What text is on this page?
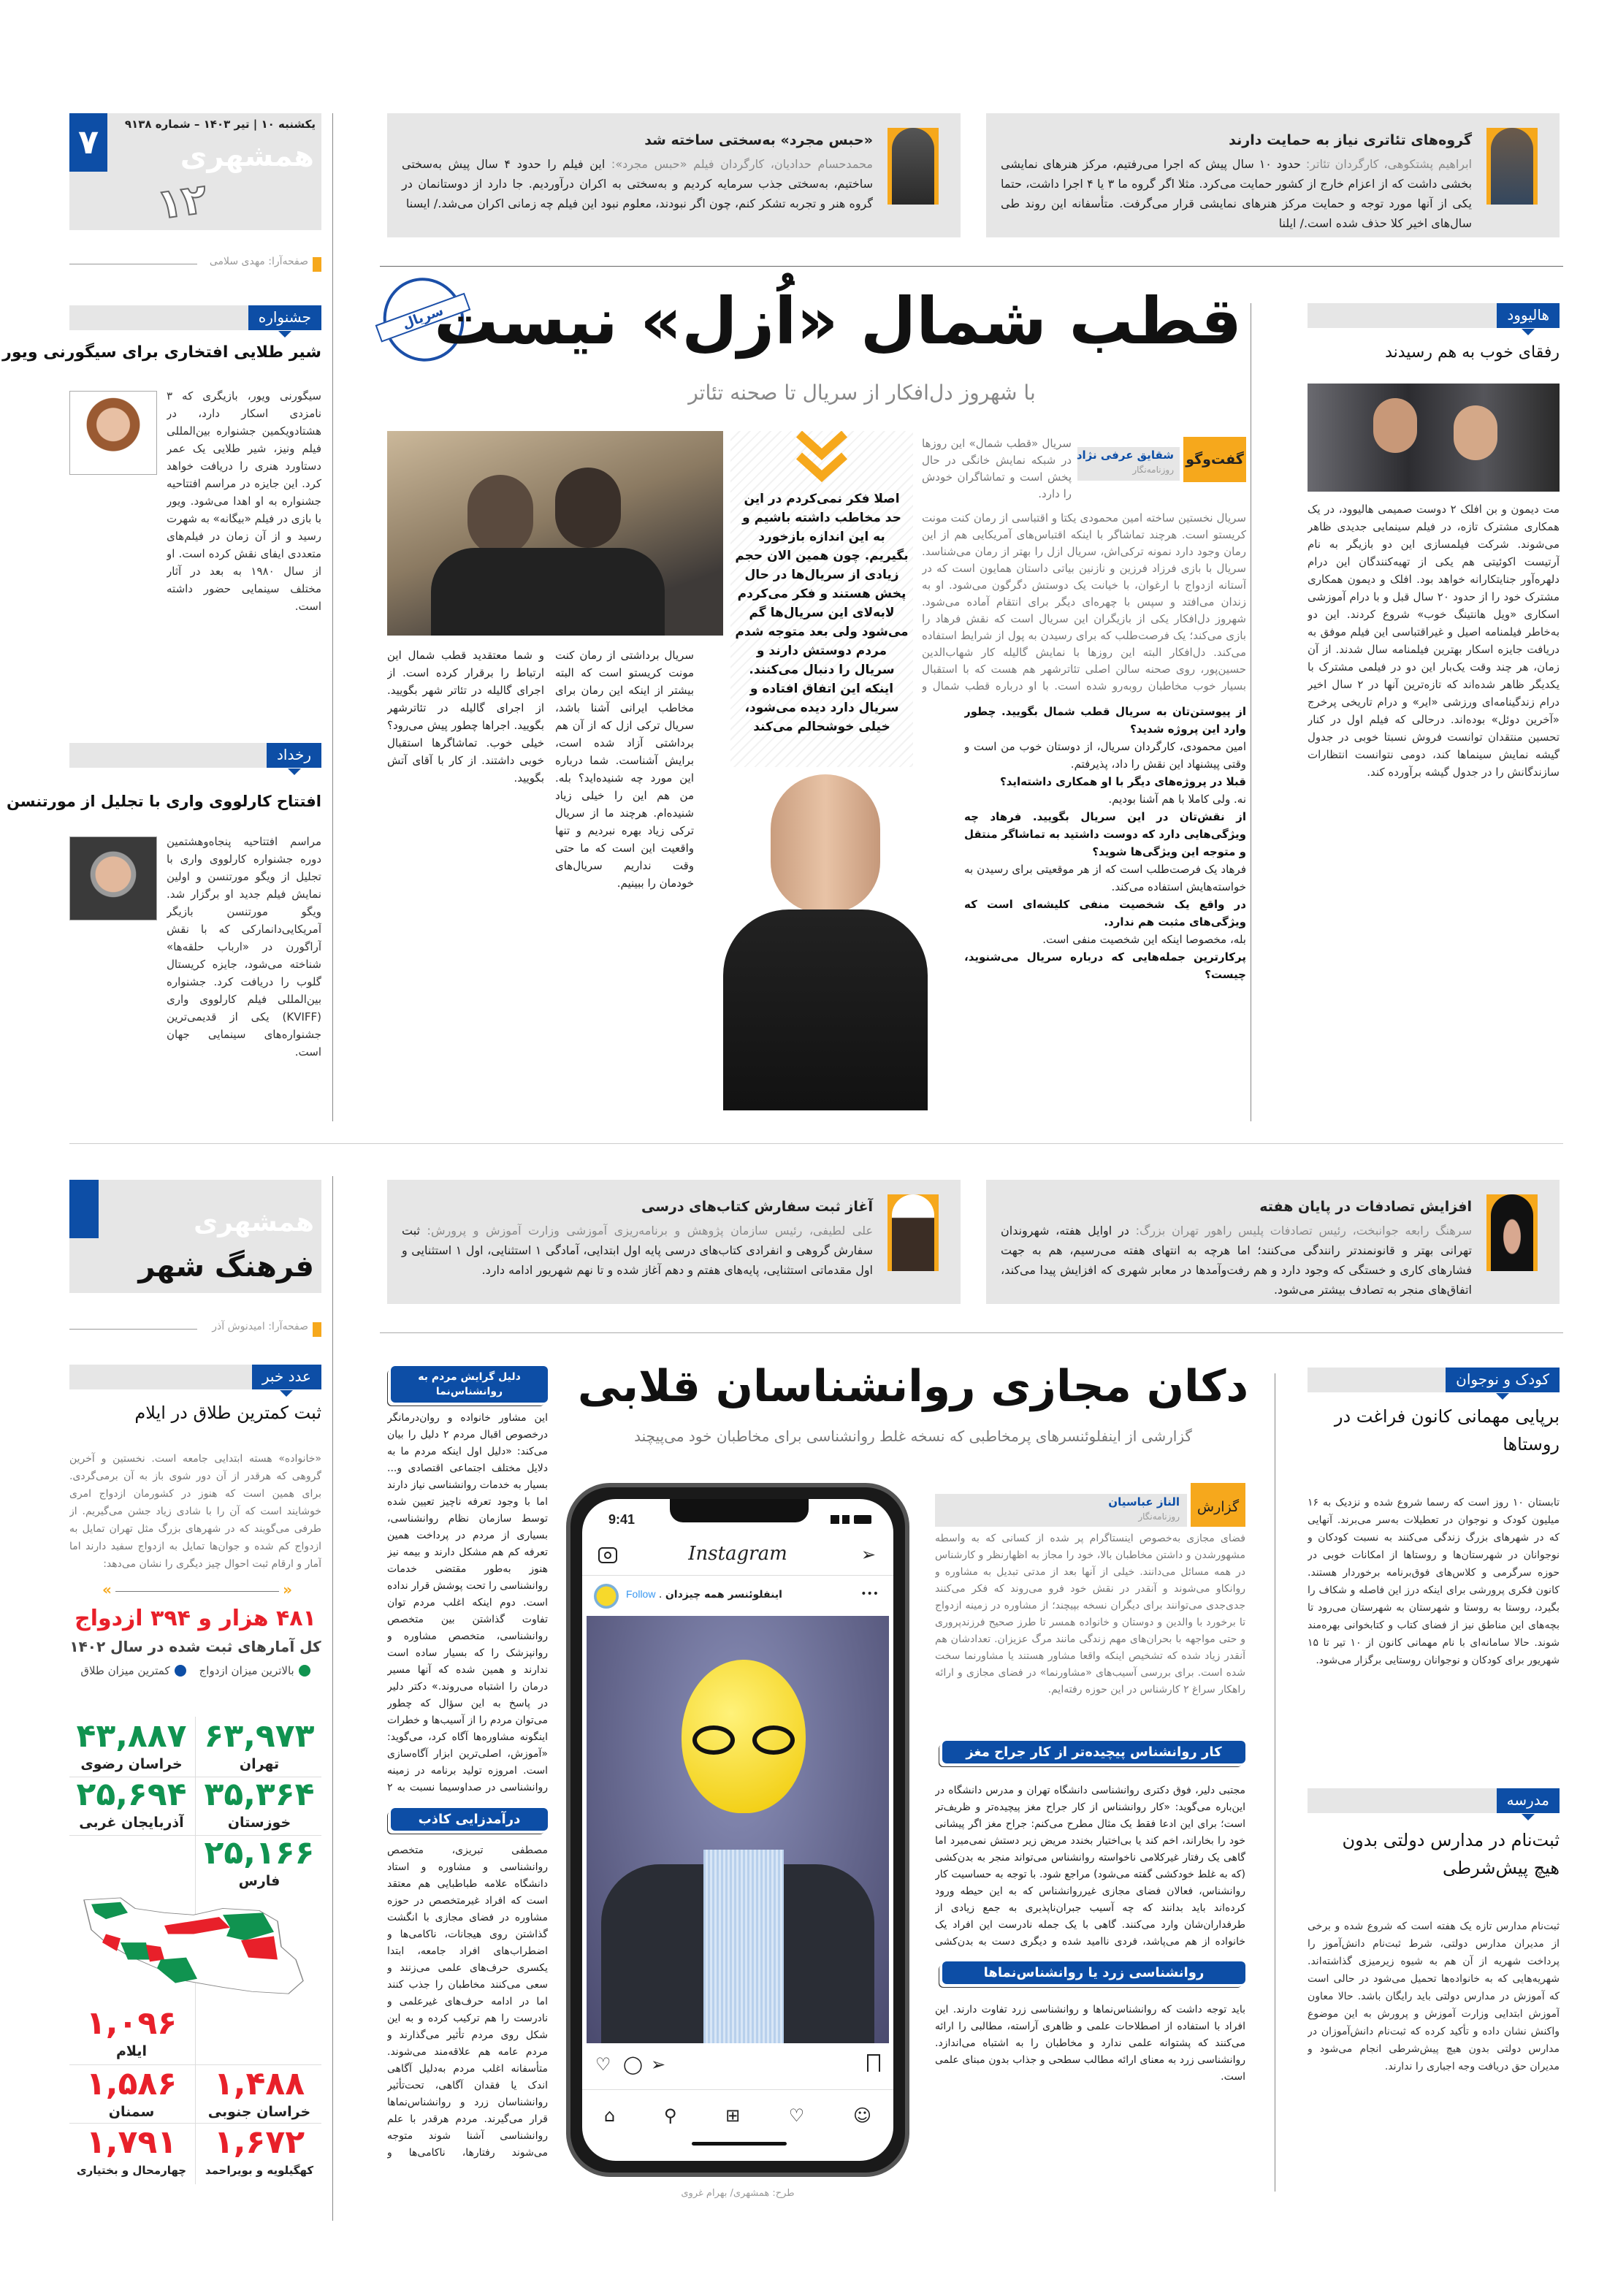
۷	یکشنبه ۱۰ | تیر ۱۴۰۳ – شماره ۹۱۳۸
همشهری
۱۲
صفحه‌آرا: مهدی سلامی
«حبس مجرد» به‌سختی ساخته شد
محمدحسام حدادیان، کارگردان فیلم «حبس مجرد»: این فیلم را حدود ۴ سال پیش به‌سختی ساختیم، به‌سختی جذب سرمایه کردیم و به‌سختی به اکران درآوردیم. جا دارد از دوستانمان در گروه هنر و تجربه تشکر کنم، چون اگر نبودند، معلوم نبود این فیلم چه زمانی اکران می‌شد./ ایسنا
گروه‌های تئاتری نیاز به حمایت دارند
ابراهیم پشتکوهی، کارگردان تئاتر: حدود ۱۰ سال پیش که اجرا می‌رفتیم، مرکز هنرهای نمایشی بخشی داشت که از اعزام خارج از کشور حمایت می‌کرد. مثلا اگر گروه ما ۳ یا ۴ اجرا داشت، حتما یکی از آنها مورد توجه و حمایت مرکز هنرهای نمایشی قرار می‌گرفت. متأسفانه این روند طی سال‌های اخیر کلا حذف شده است./ ایلنا
سریال
قطب شمال «اُزل» نیست
با شهروز دل‌افکار از سریال تا صحنه تئاتر
اصلا فکر نمی‌کردم در این حد مخاطب داشته باشیم و به این اندازه بازخورد بگیریم. چون همین الان حجم زیادی از سریال‌ها در حال پخش هستند و فکر می‌کردم لابه‌لای این سریال‌ها گم می‌شود ولی بعد متوجه شدم مردم دوستش دارند و سریال را دنبال می‌کنند. اینکه این اتفاق افتاده و سریال دارد دیده می‌شود، خیلی خوشحالم می‌کند
گفت‌وگو
شقایق عرفی نژاد
روزنامه‌نگار
سریال «قطب شمال» این روزها در شبکه نمایش خانگی در حال پخش است و تماشاگران خودش را دارد.
سریال نخستین ساخته امین محمودی یکتا و اقتباسی از رمان کنت مونت کریستو است. هرچند تماشاگر با اینکه اقتباس‌های آمریکایی هم از این رمان وجود دارد نمونه ترکی‌اش، سریال ازل را بهتر از رمان می‌شناسد. سریال با بازی فرزاد فرزین و نازنین بیاتی داستان همایون است که در آستانه ازدواج با ارغوان، با خیانت یک دوستش دگرگون می‌شود. او به زندان می‌افتد و سپس با چهره‌ای دیگر برای انتقام آماده می‌شود. شهروز دل‌افکار یکی از بازیگران این سریال است که نقش فرهاد را بازی می‌کند؛ یک فرصت‌طلب که برای رسیدن به پول از شرایط استفاده می‌کند. دل‌افکار البته این روزها با نمایش گالیله کار شهاب‌الدین حسین‌پور، روی صحنه سالن اصلی تئاترشهر هم هست که با استقبال بسیار خوب مخاطبان روبه‌رو شده است. با او درباره قطب شمال و

از پیوستن‌تان به سریال قطب شمال بگویید. چطور وارد این پروژه شدید؟
امین محمودی، کارگردان سریال، از دوستان خوب من است و وقتی پیشنهاد این نقش را داد، پذیرفتم.

قبلا در پروژه‌های دیگر با او همکاری داشته‌اید؟
نه. ولی کاملا با هم آشنا بودیم.

از نقش‌تان در این سریال بگویید. فرهاد چه ویژگی‌هایی دارد که دوست داشتید به تماشاگر منتقل و متوجه این ویژگی‌ها شوید؟
فرهاد یک فرصت‌طلب است که از هر موقعیتی برای رسیدن به خواسته‌هایش استفاده می‌کند.

در واقع یک شخصیت منفی کلیشه‌ای است که ویژگی‌های مثبت هم ندارد.
بله، مخصوصا اینکه این شخصیت منفی است.

پرکارترین جمله‌هایی که درباره سریال می‌شنوید، چیست؟

سریال برداشتی از رمان کنت مونت کریستو است که البته بیشتر از اینکه این رمان برای مخاطب ایرانی آشنا باشد، سریال ترکی ازل که از آن هم برداشتی آزاد شده است، برایش آشناست. شما درباره این مورد چه شنیده‌اید؟ بله. من هم این را خیلی زیاد شنیده‌ام. هرچند ما از سریال ترکی زیاد بهره نبردیم و تنها واقعیت این است که ما حتی وقت نداریم سریال‌های خودمان را ببینیم.
و شما معتقدید قطب شمال این ارتباط را برقرار کرده است. از اجرای گالیله در تئاتر شهر بگویید. از اجرای گالیله در تئاترشهر بگویید. اجراها چطور پیش می‌رود؟ خیلی خوب. تماشاگرها استقبال خوبی داشتند. از کار با آقای آتش بگویید.
جشنواره
شیر طلایی افتخاری برای سیگورنی ویور
سیگورنی ویور، بازیگری که ۳ نامزدی اسکار دارد، در هشتادویکمین جشنواره بین‌المللی فیلم ونیز، شیر طلایی یک عمر دستاورد هنری را دریافت خواهد کرد. این جایزه در مراسم افتتاحیه جشنواره به او اهدا می‌شود. ویور با بازی در فیلم «بیگانه» به شهرت رسید و از آن زمان در فیلم‌های متعددی ایفای نقش کرده است. او از سال ۱۹۸۰ به بعد در آثار مختلف سینمایی حضور داشته است.
رخداد
افتتاح کارلووی واری با تجلیل از مورتنسن
مراسم افتتاحیه پنجاه‌وهشتمین دوره جشنواره کارلووی واری با تجلیل از ویگو مورتنسن و اولین نمایش فیلم جدید او برگزار شد. ویگو مورتنسن بازیگر آمریکایی‌دانمارکی که با نقش آراگورن در «ارباب حلقه‌ها» شناخته می‌شود، جایزه کریستال گلوب را دریافت کرد. جشنواره بین‌المللی فیلم کارلووی واری (KVIFF) یکی از قدیمی‌ترین جشنواره‌های سینمایی جهان است.
هالیوود
رفقای خوب به هم رسیدند
مت دیمون و بن افلک ۲ دوست صمیمی هالیوود، در یک همکاری مشترک تازه، در فیلم سینمایی جدیدی ظاهر می‌شوند. شرکت فیلمسازی این دو بازیگر به نام آرتیست اکوئیتی هم یکی از تهیه‌کنندگان این درام دلهره‌آور جنایتکارانه خواهد بود. افلک و دیمون همکاری مشترک خود را از حدود ۲۰ سال قبل و با درام آموزشی اسکاری «ویل هانتینگ خوب» شروع کردند. این دو به‌خاطر فیلمنامه اصیل و غیراقتباسی این فیلم موفق به دریافت جایزه اسکار بهترین فیلمنامه سال شدند. از آن زمان، هر چند وقت یک‌بار این دو در فیلمی مشترک با یکدیگر ظاهر شده‌اند که تازه‌ترین آنها در ۲ سال اخیر درام زندگینامه‌ای ورزشی «ایر» و درام تاریخی پرخرج «آخرین دوئل» بوده‌اند. درحالی که فیلم اول در کنار تحسین منتقدان توانست فروش نسبتا خوبی در جدول گیشه نمایش سینماها کند، دومی نتوانست انتظارات سازندگانش را در جدول گیشه برآورده کند.
همشهری
فرهنگ شهر
صفحه‌آرا: امیدنوش آذر
آغاز ثبت سفارش کتاب‌های درسی
علی لطیفی، رئیس سازمان پژوهش و برنامه‌ریزی آموزشی وزارت آموزش و پرورش: ثبت سفارش گروهی و انفرادی کتاب‌های درسی پایه اول ابتدایی، آمادگی ۱ استثنایی، اول ۱ استثنایی و اول مقدماتی استثنایی، پایه‌های هفتم و دهم آغاز شده و تا نهم شهریور ادامه دارد.
افزایش تصادفات در پایان هفته
سرهنگ رابعه جوانبخت، رئیس تصادفات پلیس راهور تهران بزرگ: در اوایل هفته، شهروندان تهرانی بهتر و قانونمندتر رانندگی می‌کنند؛ اما هرچه به انتهای هفته می‌رسیم، هم به جهت فشارهای کاری و خستگی که وجود دارد و هم رفت‌وآمدها در معابر شهری که افزایش پیدا می‌کند، اتفاق‌های منجر به تصادف بیشتر می‌شود.
عدد خبر
ثبت کمترین طلاق در ایلام
«خانواده» هسته ابتدایی جامعه است. نخستین و آخرین گروهی که هرقدر از آن دور شوی باز به آن برمی‌گردی. برای همین است که هنوز در کشورمان ازدواج امری خوشایند است که آن را با شادی زیاد جشن می‌گیریم. از طرفی می‌گویند که در شهرهای بزرگ مثل تهران تمایل به ازدواج کم شده و جوان‌ها تمایل به ازدواج سفید دارند اما آمار و ارقام ثبت احوال چیز دیگری را نشان می‌دهد:
»	«
۴۸۱ هزار و ۳۹۴ ازدواج
کل آمارهای ثبت شده در سال ۱۴۰۲
بالاترین میزان ازدواج
کمترین میزان طلاق
۶۳,۹۷۳
تهران
۴۳,۸۸۷
خراسان رضوی
۳۵,۳۶۴
خوزستان
۲۵,۶۹۴
آذربایجان غربی
۲۵,۱۶۶
فارس
۱,۰۹۶
ایلام
۱,۴۸۸
خراسان جنوبی
۱,۵۸۶
سمنان
۱,۶۷۲
کهگیلویه و بویراحمد
۱,۷۹۱
چهارمحال و بختیاری
دکان مجازی روانشناسان قلابی
گزارشی از اینفلوئنسرهای پرمخاطبی که نسخه غلط روانشناسی برای مخاطبان خود می‌پیچند
دلیل گرایش مردم به روانشناس‌نما
این مشاور خانواده و روان‌درمانگر درخصوص اقبال مردم ۲ دلیل را بیان می‌کند: «دلیل اول اینکه مردم ما به دلایل مختلف اجتماعی اقتصادی و... بسیار به خدمات روانشناسی نیاز دارند اما با وجود تعرفه ناچیز تعیین شده توسط سازمان نظام روانشناسی، بسیاری از مردم در پرداخت همین تعرفه کم هم مشکل دارند و بیمه نیز هنوز به‌طور مقتضی خدمات روانشناسی را تحت پوشش قرار نداده است. دوم اینکه اغلب مردم توان تفاوت گذاشتن بین متخصص روانشناسی، متخصص مشاوره و روانپزشک را که بسیار ساده است ندارند و همین شده که آنها مسیر درمان را اشتباه می‌روند.» دکتر دلیر در پاسخ به این سؤال که چطور می‌توان مردم را از آسیب‌ها و خطرات اینگونه مشاوره‌ها آگاه کرد، می‌گوید: «آموزش، اصلی‌ترین ابزار آگاه‌سازی است. امروزه تولید برنامه در زمینه روانشناسی در صداوسیما نسبت به ۲
درآمدزایی کاذب
مصطفی تبریزی، متخصص روانشناسی و مشاوره و استاد دانشگاه علامه طباطبایی هم معتقد است که افراد غیرمتخصص در حوزه مشاوره در فضای مجازی با انگشت گذاشتن روی هیجانات، ناکامی‌ها و اضطراب‌های افراد جامعه، ابتدا یکسری حرف‌های علمی می‌زنند و سعی می‌کنند مخاطبان را جذب کنند اما در ادامه حرف‌های غیرعلمی و نادرست را هم ترکیب کرده و به این شکل روی مردم تأثیر می‌گذارند و مردم عامه هم علاقه‌مند می‌شوند. متأسفانه اغلب مردم به‌دلیل آگاهی اندک یا فقدان آگاهی، تحت‌تأثیر روانشناسان زرد و روانشناس‌نماها قرار می‌گیرند. مردم هرقدر با علم روانشناسی آشنا شوند متوجه می‌شوند رفتارها، ناکامی‌ها و
9:41
Instagram	➢
Follow . اینفلوئنسر همه چیزدان	•••
♡ ◯ ➢
⌂	⚲	⊞	♡	☺
طرح: همشهری/ بهرام غروی
گزارش
الناز عباسیان
روزنامه‌نگار
فضای مجازی به‌خصوص اینستاگرام پر شده از کسانی که به واسطه مشهورشدن و داشتن مخاطبان بالا، خود را مجاز به اظهارنظر و کارشناس در همه مسائل می‌دانند. خیلی از آنها بعد از مدتی تبدیل به مشاوره و روانکاو می‌شوند و آنقدر در نقش خود فرو می‌روند که فکر می‌کنند جدی‌جدی می‌توانند برای دیگران نسخه بپیچند؛ از مشاوره در زمینه ازدواج تا برخورد با والدین و دوستان و خانواده همسر تا طرز صحیح فرزندپروری و حتی مواجهه با بحران‌های مهم زندگی مانند مرگ عزیزان. تعدادشان هم آنقدر زیاد شده که تشخیص اینکه واقعا مشاور هستند یا مشاورنما سخت شده است. برای بررسی آسیب‌های «مشاورنما» در فضای مجازی و ارائه راهکار سراغ ۲ کارشناس در این حوزه رفته‌ایم.
کار روانشناس پیچیده‌تر از کار جراح مغز
مجتبی دلیر، فوق دکتری روانشناسی دانشگاه تهران و مدرس دانشگاه در این‌باره می‌گوید: «کار روانشناس از کار جراح مغز پیچیده‌تر و ظریف‌تر است؛ برای این ادعا فقط یک مثال مطرح می‌کنم: جراح مغز اگر پیشانی خود را بخاراند، اخم کند یا بی‌اختیار بخندد مریض زیر دستش نمی‌میرد اما گاهی یک رفتار غیرکلامی ناخواسته روانشناس می‌تواند منجر به بدن‌کشی (که به غلط خودکشی گفته می‌شود) مراجع شود. با توجه به حساسیت کار روانشناس، فعالان فضای مجازی غیرروانشناس که به این حیطه ورود کرده‌اند باید بدانند که چه آسیب جبران‌ناپذیری به جمع زیادی از طرفداران‌شان وارد می‌کنند. گاهی با یک جمله نادرست این افراد یک خانواده از هم می‌پاشد، فردی ناامید شده و دیگری دست به بدن‌کشی
روانشناسی زرد یا روانشناس‌نماها
باید توجه داشت که روانشناس‌نماها و روانشناسی زرد تفاوت دارند. این افراد با استفاده از اصطلاحات علمی و ظاهری آراسته، مطالبی را ارائه می‌کنند که پشتوانه علمی ندارد و مخاطبان را به اشتباه می‌اندازد. روانشناسی زرد به معنای ارائه مطالب سطحی و جذاب بدون مبنای علمی است.
کودک و نوجوان
برپایی مهمانی کانون فراغت در روستاها
تابستان ۱۰ روز است که رسما شروع شده و نزدیک به ۱۶ میلیون کودک و نوجوان در تعطیلات به‌سر می‌برند. آنهایی که در شهرهای بزرگ زندگی می‌کنند به نسبت کودکان و نوجوانان در شهرستان‌ها و روستاها از امکانات خوبی در حوزه سرگرمی و کلاس‌های فوق‌برنامه برخوردار هستند. کانون فکری پرورشی برای اینکه درز این فاصله و شکاف را بگیرد، روستا به روستا و شهرستان به شهرستان می‌رود تا بچه‌های این مناطق نیز از فضای کتاب و کتابخوانی بهره‌مند شوند. حالا سامانه‌ای با نام مهمانی کانون از ۱۰ تیر تا ۱۵ شهریور برای کودکان و نوجوانان روستایی برگزار می‌شود.
مدرسه
ثبت‌نام در مدارس دولتی بدون هیچ پیش‌شرطی
ثبت‌نام مدارس تازه یک هفته است که شروع شده و برخی از مدیران مدارس دولتی، شرط ثبت‌نام دانش‌آموز را پرداخت شهریه از آن هم به شیوه زیرمیزی گذاشته‌اند. شهریه‌هایی که به خانواده‌ها تحمیل می‌شود در حالی است که آموزش در مدارس دولتی باید رایگان باشد. حالا معاون آموزش ابتدایی وزارت آموزش و پرورش به این موضوع واکنش نشان داده و تأکید کرده که ثبت‌نام دانش‌آموزان در مدارس دولتی بدون هیچ پیش‌شرطی انجام می‌شود و مدیران حق دریافت وجه اجباری را ندارند.
